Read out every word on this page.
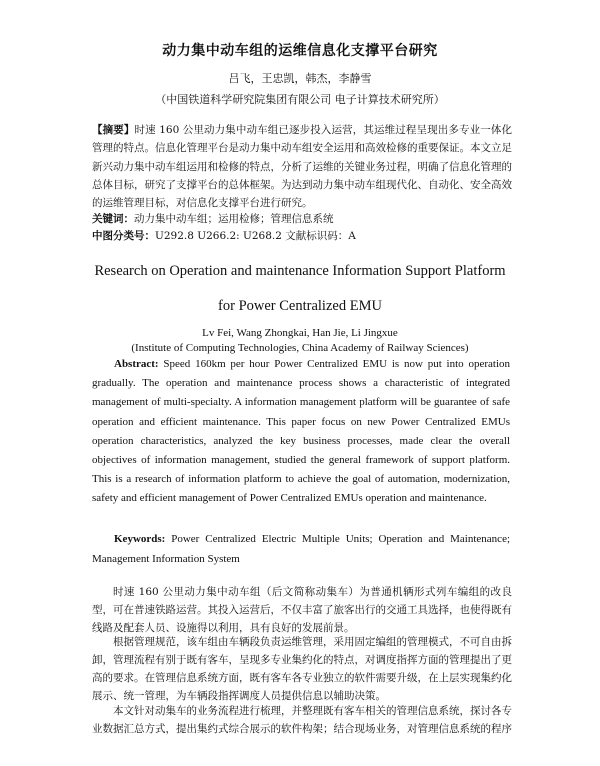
动力集中动车组的运维信息化支撑平台研究
吕飞，王忠凯，韩杰，李静雪
（中国铁道科学研究院集团有限公司 电子计算技术研究所）

【摘要】时速 160 公里动力集中动车组已逐步投入运营，其运维过程呈现出多专业一体化管理的特点。信息化管理平台是动力集中动车组安全运用和高效检修的重要保证。本文立足新兴动力集中动车组运用和检修的特点，分析了运维的关键业务过程，明确了信息化管理的总体目标，研究了支撑平台的总体框架。为达到动力集中动车组现代化、自动化、安全高效的运维管理目标，对信息化支撑平台进行研究。

关键词：动力集中动车组；运用检修；管理信息系统

中图分类号：U292.8 U266.2: U268.2 文献标识码：A

Research on Operation and maintenance Information Support Platform
for Power Centralized EMU
Lv Fei, Wang Zhongkai, Han Jie, Li Jingxue
(Institute of Computing Technologies, China Academy of Railway Sciences)

Abstract: Speed 160km per hour Power Centralized EMU is now put into operation gradually. The operation and maintenance process shows a characteristic of integrated management of multi-specialty. A information management platform will be guarantee of safe operation and efficient maintenance. This paper focus on new Power Centralized EMUs operation characteristics, analyzed the key business processes, made clear the overall objectives of information management, studied the general framework of support platform. This is a research of information platform to achieve the goal of automation, modernization, safety and efficient management of Power Centralized EMUs operation and maintenance.

Keywords: Power Centralized Electric Multiple Units; Operation and Maintenance; Management Information System

时速 160 公里动力集中动车组（后文简称动集车）为普通机辆形式列车编组的改良型，可在普速铁路运营。其投入运营后，不仅丰富了旅客出行的交通工具选择，也使得既有线路及配套人员、设施得以利用，具有良好的发展前景。

根据管理规范，该车组由车辆段负责运维管理，采用固定编组的管理模式，不可自由拆卸，管理流程有别于既有客车，呈现多专业集约化的特点，对调度指挥方面的管理提出了更高的要求。在管理信息系统方面，既有客车各专业独立的软件需要升级，在上层实现集约化展示、统一管理，为车辆段指挥调度人员提供信息以辅助决策。

本文针对动集车的业务流程进行梳理，并整理既有客车相关的管理信息系统，探讨各专业数据汇总方式，提出集约式综合展示的软件构架；结合现场业务，对管理信息系统的程序
